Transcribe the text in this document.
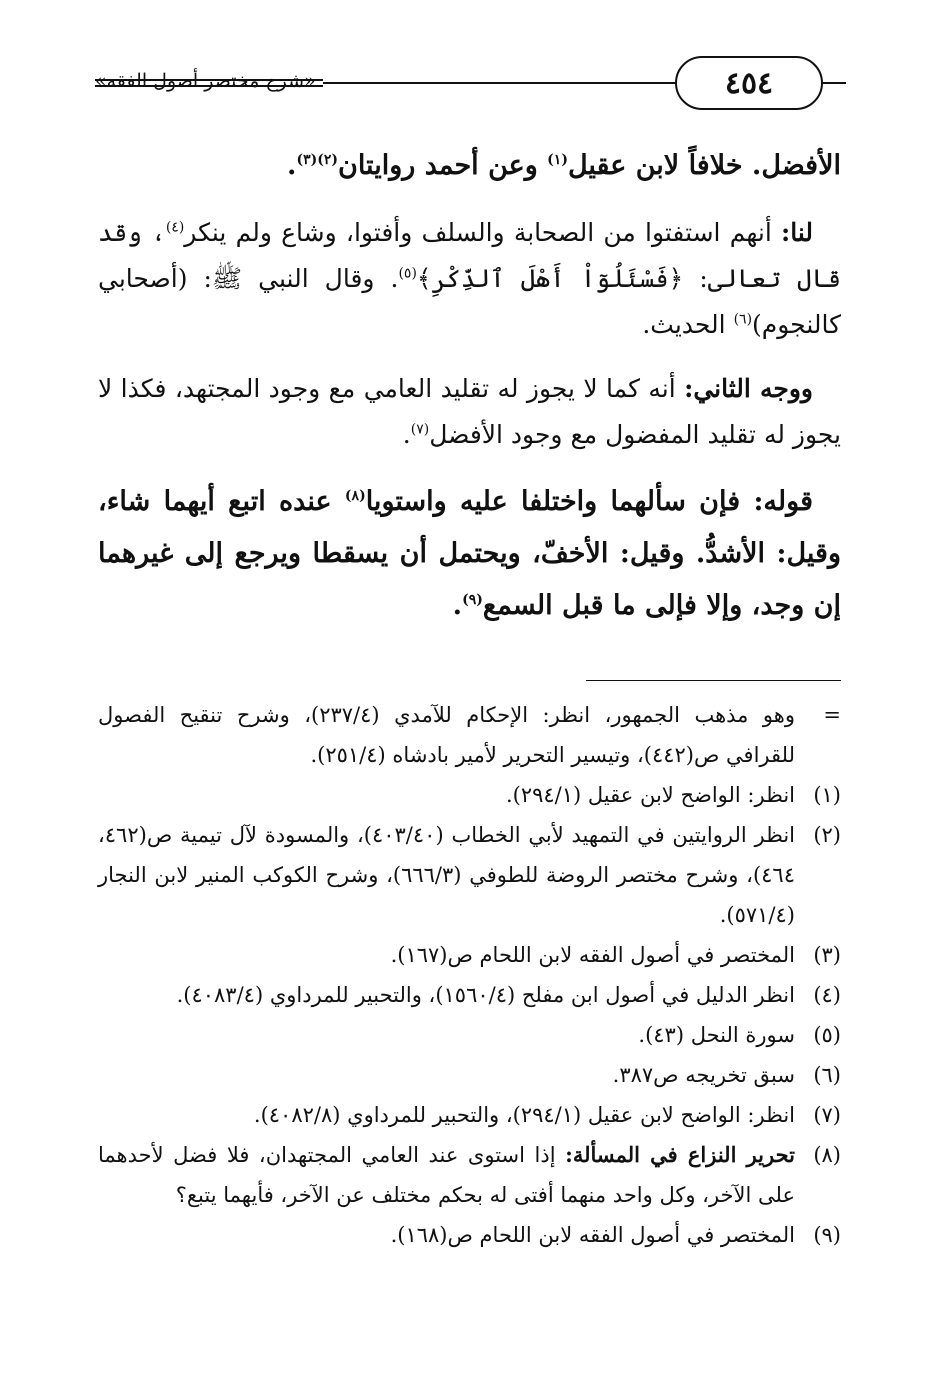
٤٥٤
«شرح مختصر أصول الفقه»

الأفضل. خلافاً لابن عقيل$^{(١)}$ وعن أحمد روايتان$^{(٢)(٣)}$.

لنا: أنهم استفتوا من الصحابة والسلف وأفتوا، وشاع ولم ينكر$^{(٤)}$، وقد قال تعالى: ﴿فَسْئَلُوٓاْ أَهْلَ ٱلذِّكْرِ﴾$^{(٥)}$. وقال النبي ﷺ: (أصحابي كالنجوم)$^{(٦)}$ الحديث.

ووجه الثاني: أنه كما لا يجوز له تقليد العامي مع وجود المجتهد، فكذا لا يجوز له تقليد المفضول مع وجود الأفضل$^{(٧)}$.

قوله: فإن سألهما واختلفا عليه واستويا$^{(٨)}$ عنده اتبع أيهما شاء، وقيل: الأشدُّ. وقيل: الأخفّ، ويحتمل أن يسقطا ويرجع إلى غيرهما إن وجد، وإلا فإلى ما قبل السمع$^{(٩)}$.

=
وهو مذهب الجمهور، انظر: الإحكام للآمدي (٢٣٧/٤)، وشرح تنقيح الفصول للقرافي ص(٤٤٢)، وتيسير التحرير لأمير بادشاه (٢٥١/٤).
(١)
انظر: الواضح لابن عقيل (٢٩٤/١).
(٢)
انظر الروايتين في التمهيد لأبي الخطاب (٤٠٣/٤٠)، والمسودة لآل تيمية ص(٤٦٢، ٤٦٤)، وشرح مختصر الروضة للطوفي (٦٦٦/٣)، وشرح الكوكب المنير لابن النجار (٥٧١/٤).
(٣)
المختصر في أصول الفقه لابن اللحام ص(١٦٧).
(٤)
انظر الدليل في أصول ابن مفلح (١٥٦٠/٤)، والتحبير للمرداوي (٤٠٨٣/٤).
(٥)
سورة النحل (٤٣).
(٦)
سبق تخريجه ص٣٨٧.
(٧)
انظر: الواضح لابن عقيل (٢٩٤/١)، والتحبير للمرداوي (٤٠٨٢/٨).
(٨)
تحرير النزاع في المسألة: إذا استوى عند العامي المجتهدان، فلا فضل لأحدهما على الآخر، وكل واحد منهما أفتى له بحكم مختلف عن الآخر، فأيهما يتبع؟
(٩)
المختصر في أصول الفقه لابن اللحام ص(١٦٨).
